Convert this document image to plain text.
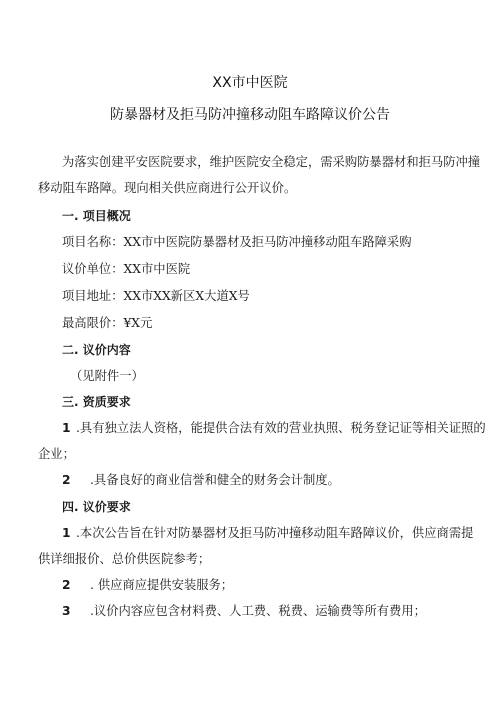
XX市中医院
防暴器材及拒马防冲撞移动阻车路障议价公告
为落实创建平安医院要求，维护医院安全稳定，需采购防暴器材和拒马防冲撞
移动阻车路障。现向相关供应商进行公开议价。
一. 项目概况
项目名称：XX市中医院防暴器材及拒马防冲撞移动阻车路障采购
议价单位：XX市中医院
项目地址：XX市XX新区X大道X号
最高限价：¥X元
二. 议价内容
（见附件一）
三. 资质要求
1 .具有独立法人资格，能提供合法有效的营业执照、税务登记证等相关证照的
企业；
2 .具备良好的商业信誉和健全的财务会计制度。
四. 议价要求
1 .本次公告旨在针对防暴器材及拒马防冲撞移动阻车路障议价，供应商需提
供详细报价、总价供医院参考；
2 . 供应商应提供安装服务；
3 .议价内容应包含材料费、人工费、税费、运输费等所有费用；
